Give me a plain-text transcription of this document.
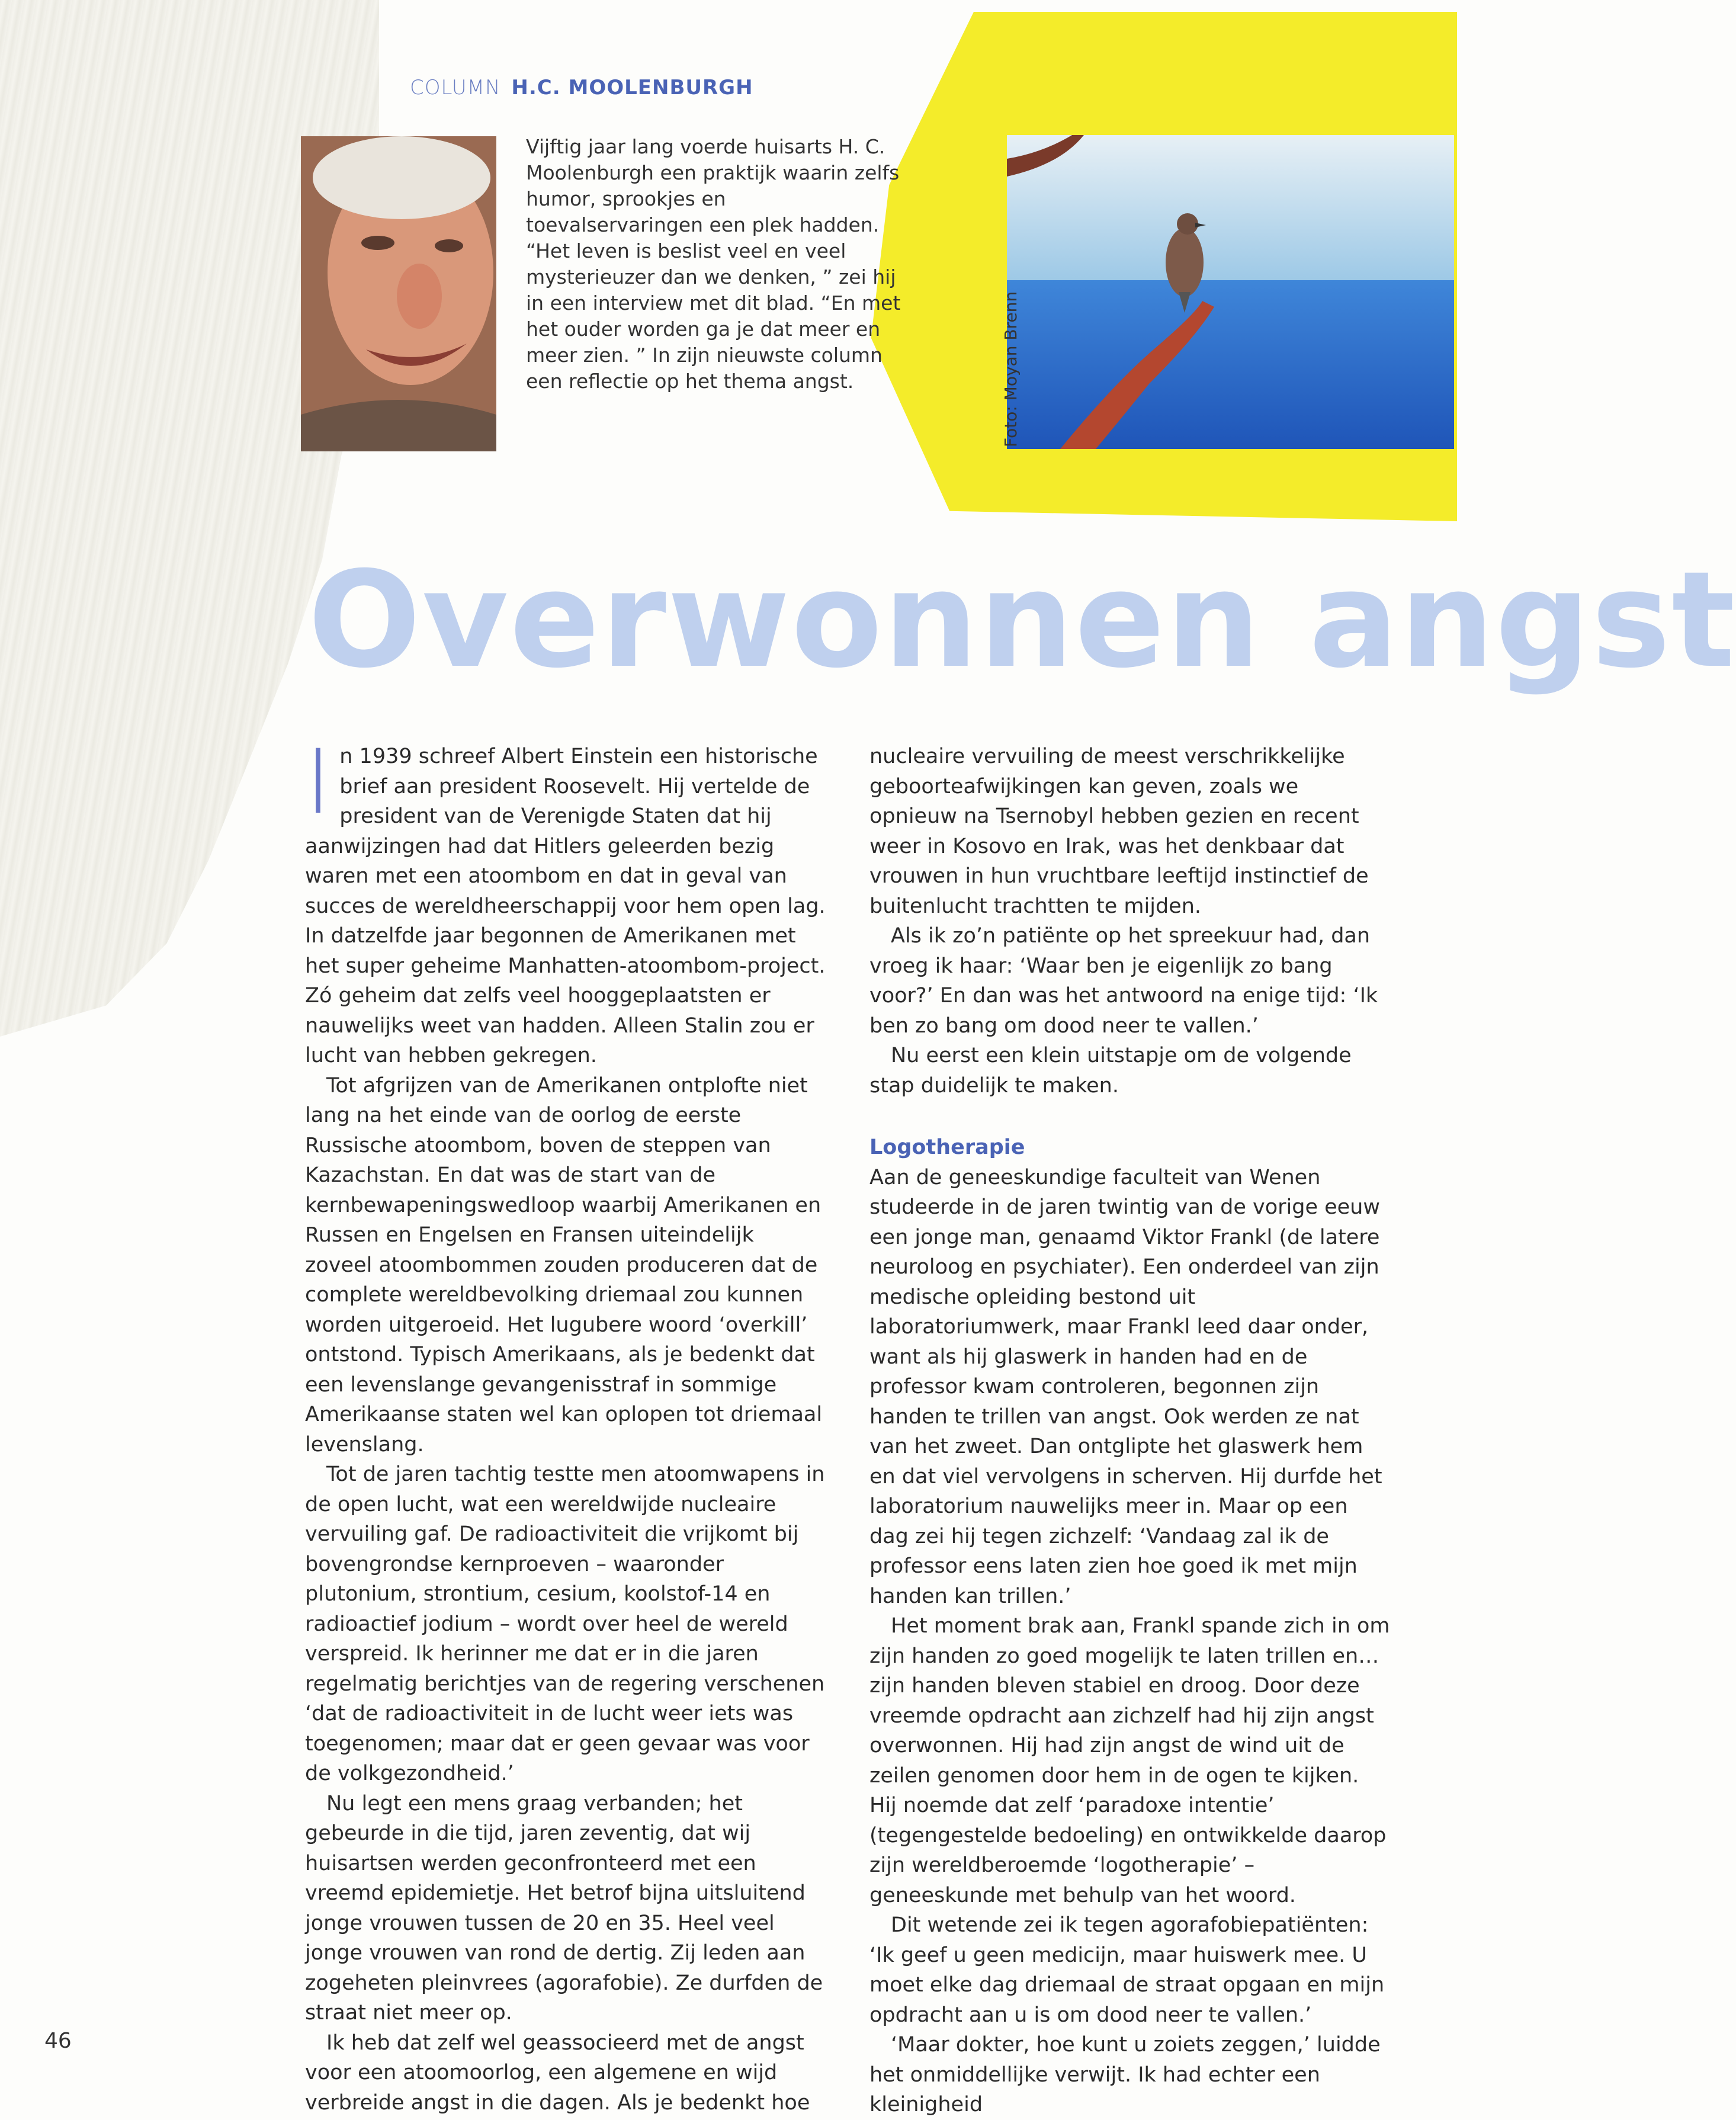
COLUMN H.C. MOOLENBURGH

Vijftig jaar lang voerde huisarts H. C. Moolenburgh een praktijk waarin zelfs humor, sprookjes en toevalservaringen een plek hadden. “Het leven is beslist veel en veel mysterieuzer dan we denken, ” zei hij in een interview met dit blad. “En met het ouder worden ga je dat meer en meer zien. ” In zijn nieuwste column een reflectie op het thema angst.	Foto: Moyan Brenn
Overwonnen angst

In 1939 schreef Albert Einstein een historische brief aan president Roosevelt. Hij vertelde de president van de Verenigde Staten dat hij aanwijzingen had dat Hitlers geleerden bezig waren met een atoombom en dat in geval van succes de wereldheerschappij voor hem open lag. In datzelfde jaar begonnen de Amerikanen met het super geheime Manhatten-atoombom-project. Zó geheim dat zelfs veel hooggeplaatsten er nauwelijks weet van hadden. Alleen Stalin zou er lucht van hebben gekregen.

Tot afgrijzen van de Amerikanen ontplofte niet lang na het einde van de oorlog de eerste Russische atoombom, boven de steppen van Kazachstan. En dat was de start van de kernbewapeningswedloop waarbij Amerikanen en Russen en Engelsen en Fransen uiteindelijk zoveel atoombommen zouden produceren dat de complete wereldbevolking driemaal zou kunnen worden uitgeroeid. Het lugubere woord ‘overkill’ ontstond. Typisch Amerikaans, als je bedenkt dat een levenslange gevangenisstraf in sommige Amerikaanse staten wel kan oplopen tot driemaal levenslang.

Tot de jaren tachtig testte men atoomwapens in de open lucht, wat een wereldwijde nucleaire vervuiling gaf. De radioactiviteit die vrijkomt bij bovengrondse kernproeven – waaronder plutonium, strontium, cesium, koolstof-14 en radioactief jodium – wordt over heel de wereld verspreid. Ik herinner me dat er in die jaren regelmatig berichtjes van de regering verschenen ‘dat de radioactiviteit in de lucht weer iets was toegenomen; maar dat er geen gevaar was voor de volkgezondheid.’

Nu legt een mens graag verbanden; het gebeurde in die tijd, jaren zeventig, dat wij huisartsen werden geconfronteerd met een vreemd epidemietje. Het betrof bijna uitsluitend jonge vrouwen tussen de 20 en 35. Heel veel jonge vrouwen van rond de dertig. Zij leden aan zogeheten pleinvrees (agorafobie). Ze durfden de straat niet meer op.

Ik heb dat zelf wel geassocieerd met de angst voor een atoomoorlog, een algemene en wijd verbreide angst in die dagen. Als je bedenkt hoe

nucleaire vervuiling de meest verschrikkelijke geboorteafwijkingen kan geven, zoals we opnieuw na Tsernobyl hebben gezien en recent weer in Kosovo en Irak, was het denkbaar dat vrouwen in hun vruchtbare leeftijd instinctief de buitenlucht trachtten te mijden.

Als ik zo’n patiënte op het spreekuur had, dan vroeg ik haar: ‘Waar ben je eigenlijk zo bang voor?’ En dan was het antwoord na enige tijd: ‘Ik ben zo bang om dood neer te vallen.’

Nu eerst een klein uitstapje om de volgende stap duidelijk te maken.

Logotherapie

Aan de geneeskundige faculteit van Wenen studeerde in de jaren twintig van de vorige eeuw een jonge man, genaamd Viktor Frankl (de latere neuroloog en psychiater). Een onderdeel van zijn medische opleiding bestond uit laboratoriumwerk, maar Frankl leed daar onder, want als hij glaswerk in handen had en de professor kwam controleren, begonnen zijn handen te trillen van angst. Ook werden ze nat van het zweet. Dan ontglipte het glaswerk hem en dat viel vervolgens in scherven. Hij durfde het laboratorium nauwelijks meer in. Maar op een dag zei hij tegen zichzelf: ‘Vandaag zal ik de professor eens laten zien hoe goed ik met mijn handen kan trillen.’

Het moment brak aan, Frankl spande zich in om zijn handen zo goed mogelijk te laten trillen en… zijn handen bleven stabiel en droog. Door deze vreemde opdracht aan zichzelf had hij zijn angst overwonnen. Hij had zijn angst de wind uit de zeilen genomen door hem in de ogen te kijken. Hij noemde dat zelf ‘paradoxe intentie’ (tegengestelde bedoeling) en ontwikkelde daarop zijn wereldberoemde ‘logotherapie’ – geneeskunde met behulp van het woord.

Dit wetende zei ik tegen agorafobiepatiënten: ‘Ik geef u geen medicijn, maar huiswerk mee. U moet elke dag driemaal de straat opgaan en mijn opdracht aan u is om dood neer te vallen.’

‘Maar dokter, hoe kunt u zoiets zeggen,’ luidde het onmiddellijke verwijt. Ik had echter een kleinigheid

46
